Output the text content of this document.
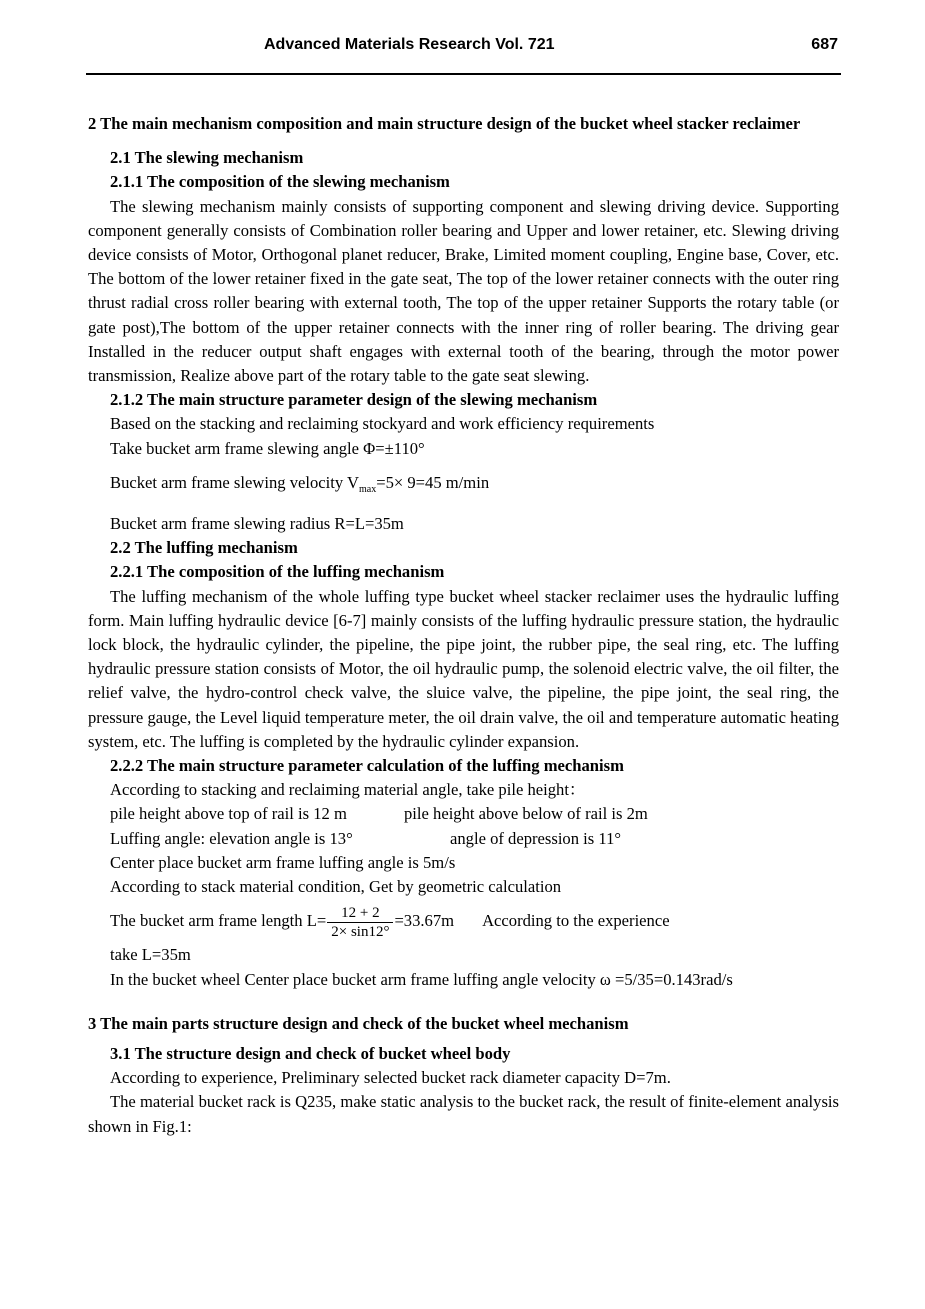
Advanced Materials Research Vol. 721	687

2 The main mechanism composition and main structure design of the bucket wheel stacker reclaimer

2.1 The slewing mechanism

2.1.1 The composition of the slewing mechanism

The slewing mechanism mainly consists of supporting component and slewing driving device. Supporting component generally consists of Combination roller bearing and Upper and lower retainer, etc. Slewing driving device consists of Motor, Orthogonal planet reducer, Brake, Limited moment coupling, Engine base, Cover, etc. The bottom of the lower retainer fixed in the gate seat, The top of the lower retainer connects with the outer ring thrust radial cross roller bearing with external tooth, The top of the upper retainer Supports the rotary table (or gate post),The bottom of the upper retainer connects with the inner ring of roller bearing. The driving gear Installed in the reducer output shaft engages with external tooth of the bearing, through the motor power transmission, Realize above part of the rotary table to the gate seat slewing.

2.1.2 The main structure parameter design of the slewing mechanism

Based on the stacking and reclaiming stockyard and work efficiency requirements

Take bucket arm frame slewing angle Φ=±110°

Bucket arm frame slewing velocity $V_{max}=5\times 9=45$ m/min

Bucket arm frame slewing radius R=L=35m

2.2 The luffing mechanism

2.2.1 The composition of the luffing mechanism

The luffing mechanism of the whole luffing type bucket wheel stacker reclaimer uses the hydraulic luffing form. Main luffing hydraulic device [6-7] mainly consists of the luffing hydraulic pressure station, the hydraulic lock block, the hydraulic cylinder, the pipeline, the pipe joint, the rubber pipe, the seal ring, etc. The luffing hydraulic pressure station consists of Motor, the oil hydraulic pump, the solenoid electric valve, the oil filter, the relief valve, the hydro-control check valve, the sluice valve, the pipeline, the pipe joint, the seal ring, the pressure gauge, the Level liquid temperature meter, the oil drain valve, the oil and temperature automatic heating system, etc. The luffing is completed by the hydraulic cylinder expansion.

2.2.2 The main structure parameter calculation of the luffing mechanism

According to stacking and reclaiming material angle, take pile height：

pile height above top of rail is 12 m	pile height above below of rail is 2m

Luffing angle: elevation angle is 13°	angle of depression is 11°

Center place bucket arm frame luffing angle is 5m/s

According to stack material condition, Get by geometric calculation

The bucket arm frame length $L= \frac{12 + 2}{2\times \sin 12^\circ} =33.67m$ According to the experience

take L=35m

In the bucket wheel Center place bucket arm frame luffing angle velocity ω =5/35=0.143rad/s

3 The main parts structure design and check of the bucket wheel mechanism

3.1 The structure design and check of bucket wheel body

According to experience, Preliminary selected bucket rack diameter capacity D=7m.

The material bucket rack is Q235, make static analysis to the bucket rack, the result of finite-element analysis shown in Fig.1:
